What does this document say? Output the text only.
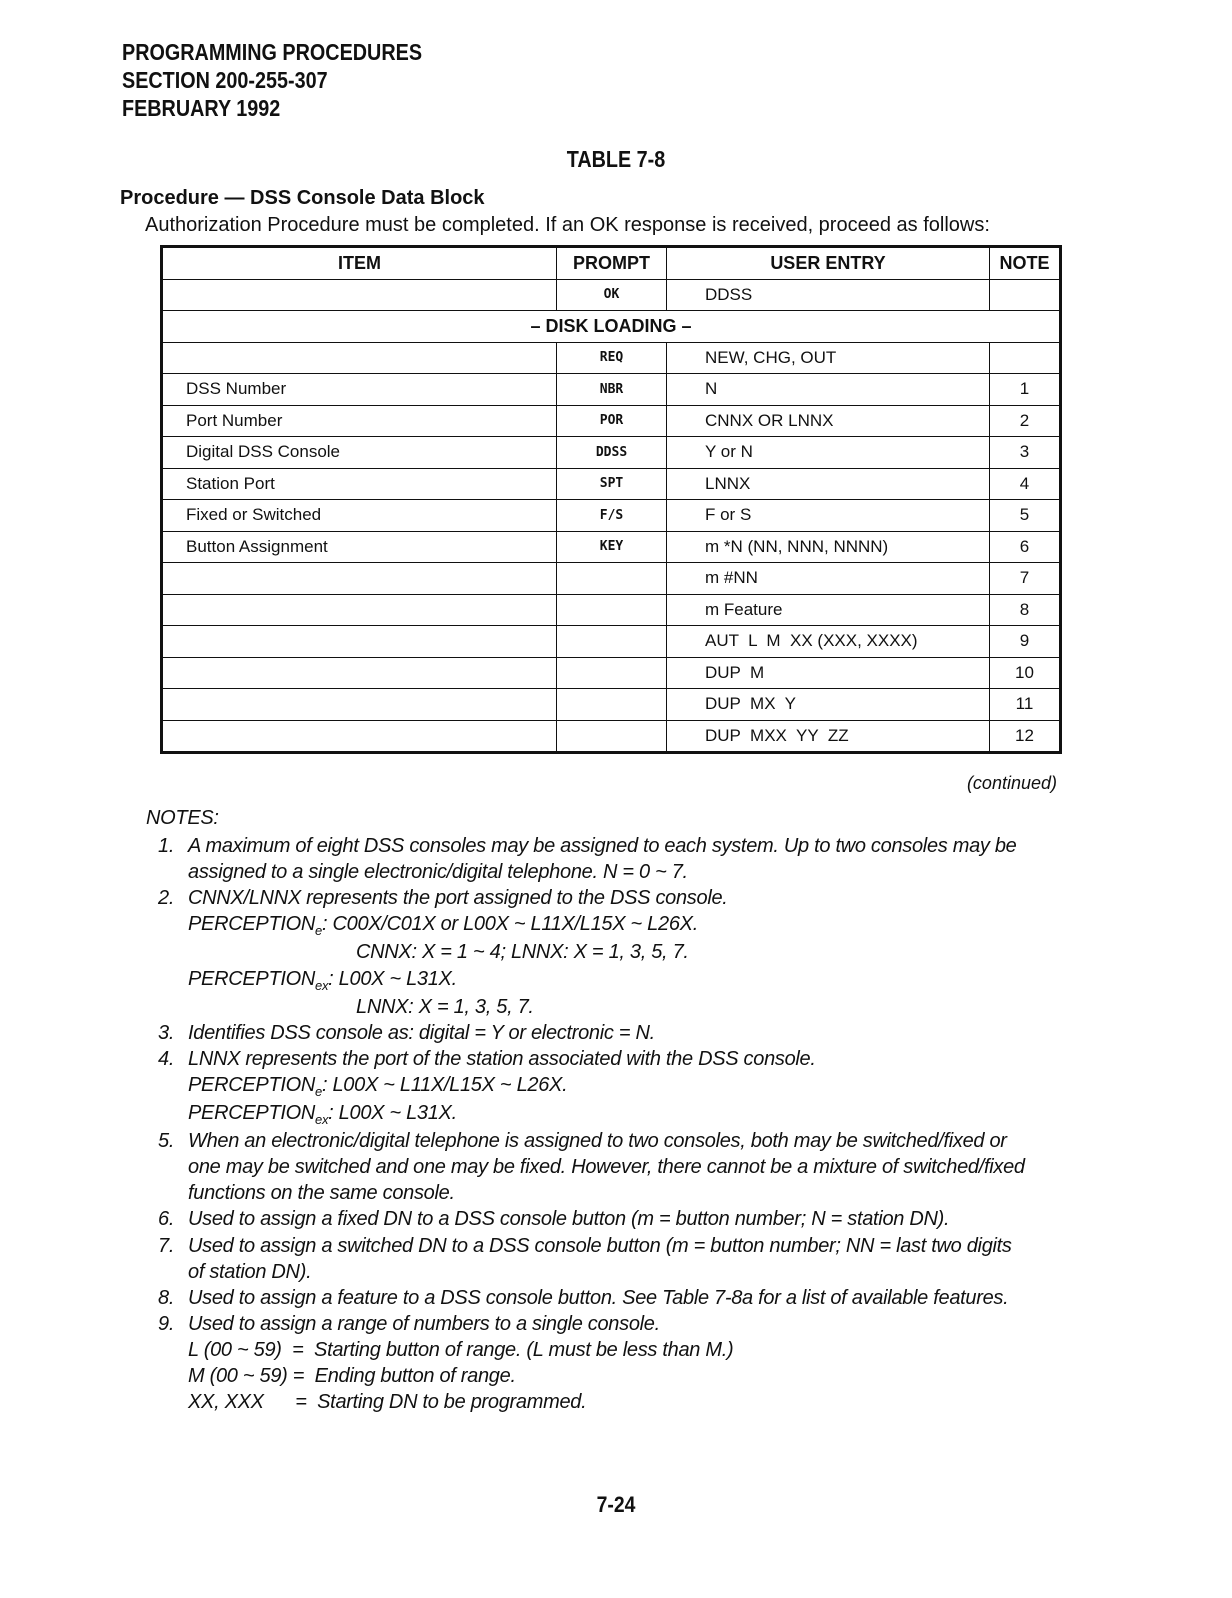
PROGRAMMING PROCEDURES
SECTION 200-255-307
FEBRUARY 1992
TABLE 7-8
Procedure — DSS Console Data Block
Authorization Procedure must be completed. If an OK response is received, proceed as follows:
ITEM	PROMPT	USER ENTRY	NOTE
	OK	DDSS	
– DISK LOADING –			
	REQ	NEW, CHG, OUT	
DSS Number	NBR	N	1
Port Number	POR	CNNX OR LNNX	2
Digital DSS Console	DDSS	Y or N	3
Station Port	SPT	LNNX	4
Fixed or Switched	F/S	F or S	5
Button Assignment	KEY	m *N (NN, NNN, NNNN)	6
		m #NN	7
		m Feature	8
		AUT  L  M  XX (XXX, XXXX)	9
		DUP  M	10
		DUP  MX  Y	11
		DUP  MXX  YY  ZZ	12
(continued)
NOTES:
1. A maximum of eight DSS consoles may be assigned to each system. Up to two consoles may be
assigned to a single electronic/digital telephone. N = 0 ~ 7.
2. CNNX/LNNX represents the port assigned to the DSS console.
$PERCEPTION_e$: C00X/C01X or L00X ~ L11X/L15X ~ L26X.
CNNX: X = 1 ~ 4; LNNX: X = 1, 3, 5, 7.
$PERCEPTION_{ex}$: L00X ~ L31X.
LNNX: X = 1, 3, 5, 7.
3. Identifies DSS console as: digital = Y or electronic = N.
4. LNNX represents the port of the station associated with the DSS console.
$PERCEPTION_e$: L00X ~ L11X/L15X ~ L26X.
$PERCEPTION_{ex}$: L00X ~ L31X.
5. When an electronic/digital telephone is assigned to two consoles, both may be switched/fixed or
one may be switched and one may be fixed. However, there cannot be a mixture of switched/fixed
functions on the same console.
6. Used to assign a fixed DN to a DSS console button (m = button number; N = station DN).
7. Used to assign a switched DN to a DSS console button (m = button number; NN = last two digits
of station DN).
8. Used to assign a feature to a DSS console button. See Table 7-8a for a list of available features.
9. Used to assign a range of numbers to a single console.
L (00 ~ 59)  =  Starting button of range. (L must be less than M.)
M (00 ~ 59) =  Ending button of range.
XX, XXX      =  Starting DN to be programmed.
7-24
